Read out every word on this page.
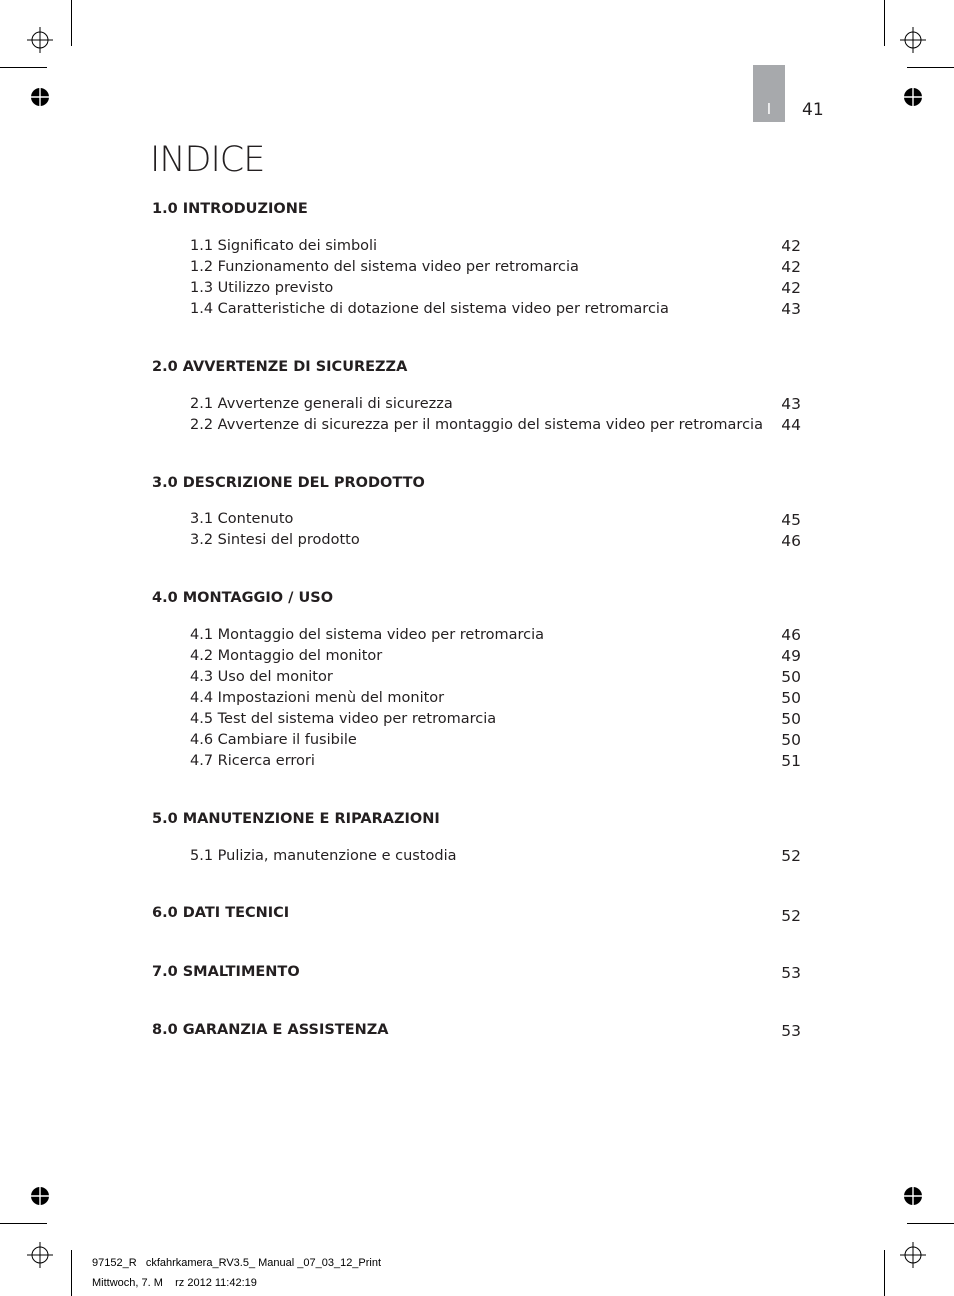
I	41
INDICE
1.0 INTRODUZIONE
1.1 Significato dei simboli	42
1.2 Funzionamento del sistema video per retromarcia	42
1.3 Utilizzo previsto	42
1.4 Caratteristiche di dotazione del sistema video per retromarcia	43
2.0 AVVERTENZE DI SICUREZZA
2.1 Avvertenze generali di sicurezza	43
2.2 Avvertenze di sicurezza per il montaggio del sistema video per retromarcia	44
3.0 DESCRIZIONE DEL PRODOTTO
3.1 Contenuto	45
3.2 Sintesi del prodotto	46
4.0 MONTAGGIO / USO
4.1 Montaggio del sistema video per retromarcia	46
4.2 Montaggio del monitor	49
4.3 Uso del monitor	50
4.4 Impostazioni menù del monitor	50
4.5 Test del sistema video per retromarcia	50
4.6 Cambiare il fusibile	50
4.7 Ricerca errori	51
5.0 MANUTENZIONE E RIPARAZIONI
5.1 Pulizia, manutenzione e custodia	52
6.0 DATI TECNICI	52
7.0 SMALTIMENTO	53
8.0 GARANZIA E ASSISTENZA	53
97152_R   ckfahrkamera_RV3.5_ Manual _07_03_12_Print
Mittwoch, 7. M    rz 2012 11:42:19
